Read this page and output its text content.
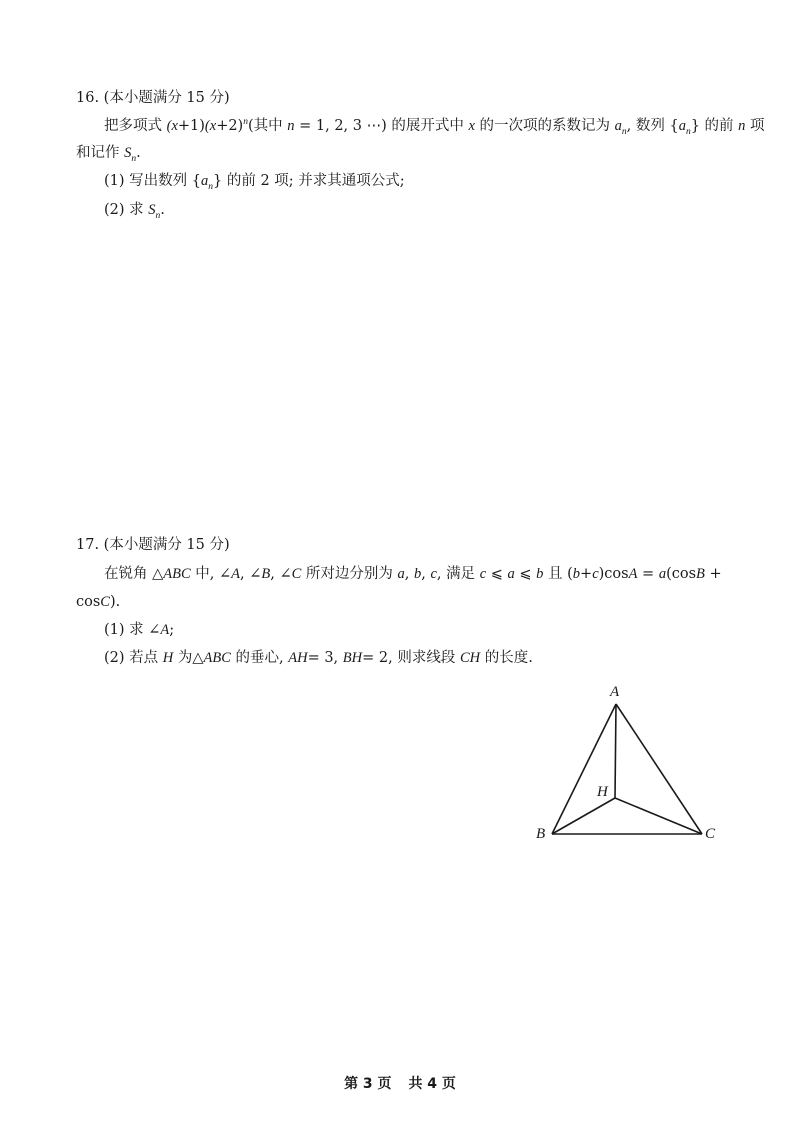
16. (本小题满分 15 分)
把多项式 $(x+1)(x+2)^n$(其中 n = 1, 2, 3 ⋯) 的展开式中 x 的一次项的系数记为 $a_n$, 数列 $\{a_n\}$ 的前 n 项
和记作 $S_n$.
(1) 写出数列 $\{a_n\}$ 的前 2 项; 并求其通项公式;
(2) 求 $S_n$.
17. (本小题满分 15 分)
在锐角 △ABC 中, ∠A, ∠B, ∠C 所对边分别为 a, b, c, 满足 c ⩽ a ⩽ b 且 (b+c)cosA = a(cosB +
cosC).
(1) 求 ∠A;
(2) 若点 H 为△ABC 的垂心, AH= 3, BH= 2, 则求线段 CH 的长度.
A
B	C
H
第 3 页 共 4 页
